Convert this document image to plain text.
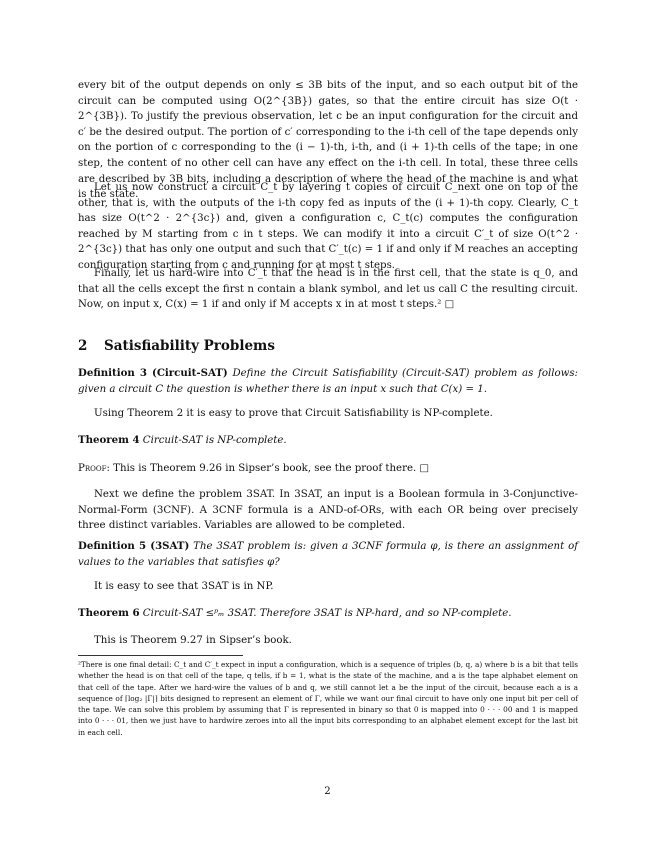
every bit of the output depends on only ≤ 3B bits of the input, and so each output bit of the circuit can be computed using O(2^{3B}) gates, so that the entire circuit has size O(t · 2^{3B}). To justify the previous observation, let c be an input configuration for the circuit and c′ be the desired output. The portion of c′ corresponding to the i-th cell of the tape depends only on the portion of c corresponding to the (i − 1)-th, i-th, and (i + 1)-th cells of the tape; in one step, the content of no other cell can have any effect on the i-th cell. In total, these three cells are described by 3B bits, including a description of where the head of the machine is and what is the state.
Let us now construct a circuit C_t by layering t copies of circuit C_next one on top of the other, that is, with the outputs of the i-th copy fed as inputs of the (i + 1)-th copy. Clearly, C_t has size O(t^2 · 2^{3c}) and, given a configuration c, C_t(c) computes the configuration reached by M starting from c in t steps. We can modify it into a circuit C′_t of size O(t^2 · 2^{3c}) that has only one output and such that C′_t(c) = 1 if and only if M reaches an accepting configuration starting from c and running for at most t steps.
Finally, let us hard-wire into C′_t that the head is in the first cell, that the state is q_0, and that all the cells except the first n contain a blank symbol, and let us call C the resulting circuit. Now, on input x, C(x) = 1 if and only if M accepts x in at most t steps.² □
2 Satisfiability Problems
Definition 3 (Circuit-SAT) Define the Circuit Satisfiability (Circuit-SAT) problem as follows: given a circuit C the question is whether there is an input x such that C(x) = 1.
Using Theorem 2 it is easy to prove that Circuit Satisfiability is NP-complete.
Theorem 4 Circuit-SAT is NP-complete.
Proof: This is Theorem 9.26 in Sipser’s book, see the proof there. □
Next we define the problem 3SAT. In 3SAT, an input is a Boolean formula in 3-Conjunctive-Normal-Form (3CNF). A 3CNF formula is a AND-of-ORs, with each OR being over precisely three distinct variables. Variables are allowed to be completed.
Definition 5 (3SAT) The 3SAT problem is: given a 3CNF formula φ, is there an assignment of values to the variables that satisfies φ?
It is easy to see that 3SAT is in NP.
Theorem 6 Circuit-SAT ≤ᵖₘ 3SAT. Therefore 3SAT is NP-hard, and so NP-complete.
This is Theorem 9.27 in Sipser’s book.
²There is one final detail: C_t and C′_t expect in input a configuration, which is a sequence of triples (b, q, a) where b is a bit that tells whether the head is on that cell of the tape, q tells, if b = 1, what is the state of the machine, and a is the tape alphabet element on that cell of the tape. After we hard-wire the values of b and q, we still cannot let a be the input of the circuit, because each a is a sequence of ⌈log₂ |Γ|⌉ bits designed to represent an element of Γ, while we want our final circuit to have only one input bit per cell of the tape. We can solve this problem by assuming that Γ is represented in binary so that 0 is mapped into 0 · · · 00 and 1 is mapped into 0 · · · 01, then we just have to hardwire zeroes into all the input bits corresponding to an alphabet element except for the last bit in each cell.
2
